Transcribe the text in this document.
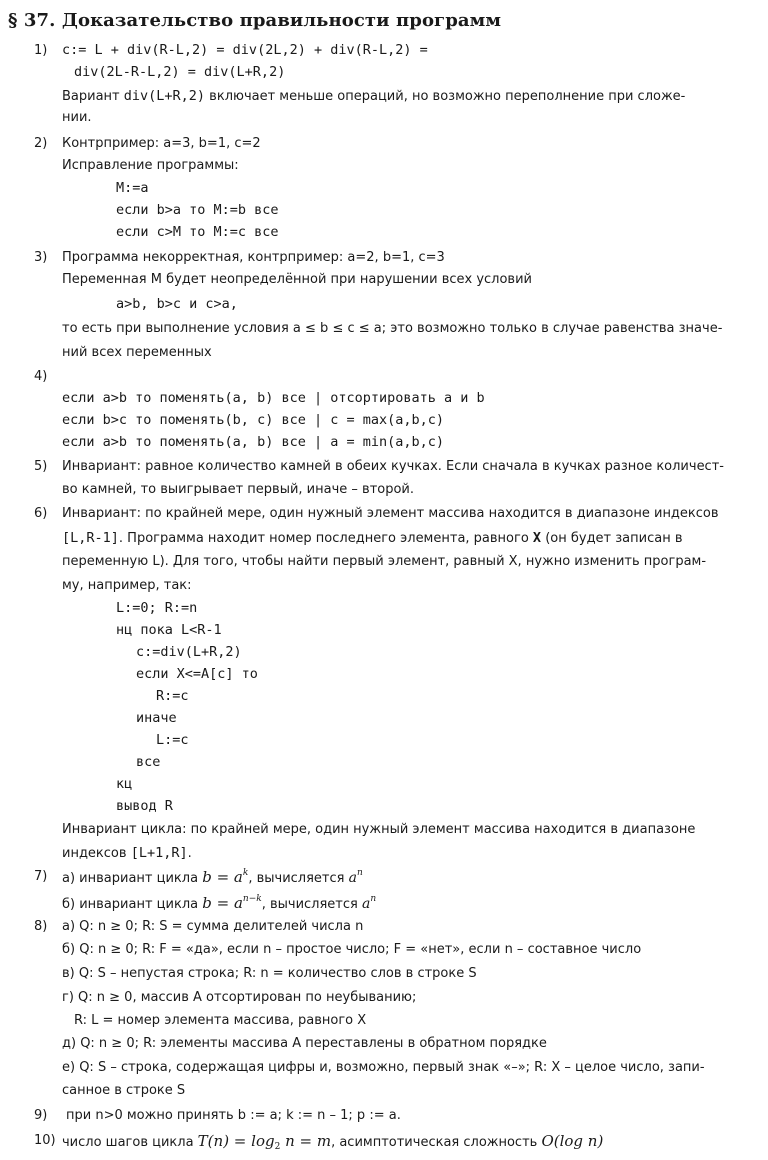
§ 37. Доказательство правильности программ
1) c:= L + div(R-L,2) = div(2L,2) + div(R-L,2) =
div(2L-R-L,2) = div(L+R,2)
Вариант div(L+R,2) включает меньше операций, но возможно переполнение при сложе-
нии.
2) Контрпример: a=3, b=1, c=2
Исправление программы:
M:=a
если b>a то M:=b все
если c>M то M:=c все
3) Программа некорректная, контрпример: a=2, b=1, c=3
Переменная M будет неопределённой при нарушении всех условий
a>b, b>c и c>a,
то есть при выполнение условия a ≤ b ≤ c ≤ a; это возможно только в случае равенства значе-
ний всех переменных
4)
если a>b то поменять(a, b) все | отсортировать a и b
если b>c то поменять(b, c) все | c = max(a,b,c)
если a>b то поменять(a, b) все | a = min(a,b,c)
5) Инвариант: равное количество камней в обеих кучках. Если сначала в кучках разное количест-
во камней, то выигрывает первый, иначе – второй.
6) Инвариант: по крайней мере, один нужный элемент массива находится в диапазоне индексов
[L,R-1]. Программа находит номер последнего элемента, равного X (он будет записан в
переменную L). Для того, чтобы найти первый элемент, равный X, нужно изменить програм-
му, например, так:
L:=0; R:=n
нц пока L<R-1
c:=div(L+R,2)
если X<=A[c] то
R:=c
иначе
L:=c
все
кц
вывод R
Инвариант цикла: по крайней мере, один нужный элемент массива находится в диапазоне
индексов [L+1,R].
7) а) инвариант цикла $b = a^k$, вычисляется $a^n$
б) инвариант цикла $b = a^{n-k}$, вычисляется $a^n$
8) а) Q: n ≥ 0; R: S = сумма делителей числа n
б) Q: n ≥ 0; R: F = «да», если n – простое число; F = «нет», если n – составное число
в) Q: S – непустая строка; R: n = количество слов в строке S
г) Q: n ≥ 0, массив A отсортирован по неубыванию;
R: L = номер элемента массива, равного X
д) Q: n ≥ 0; R: элементы массива A переставлены в обратном порядке
е) Q: S – строка, содержащая цифры и, возможно, первый знак «–»; R: X – целое число, запи-
санное в строке S
9) при n>0 можно принять b := a; k := n – 1; p := a.
10) число шагов цикла $T(n) = \log_2 n = m$, асимптотическая сложность O(log n)
